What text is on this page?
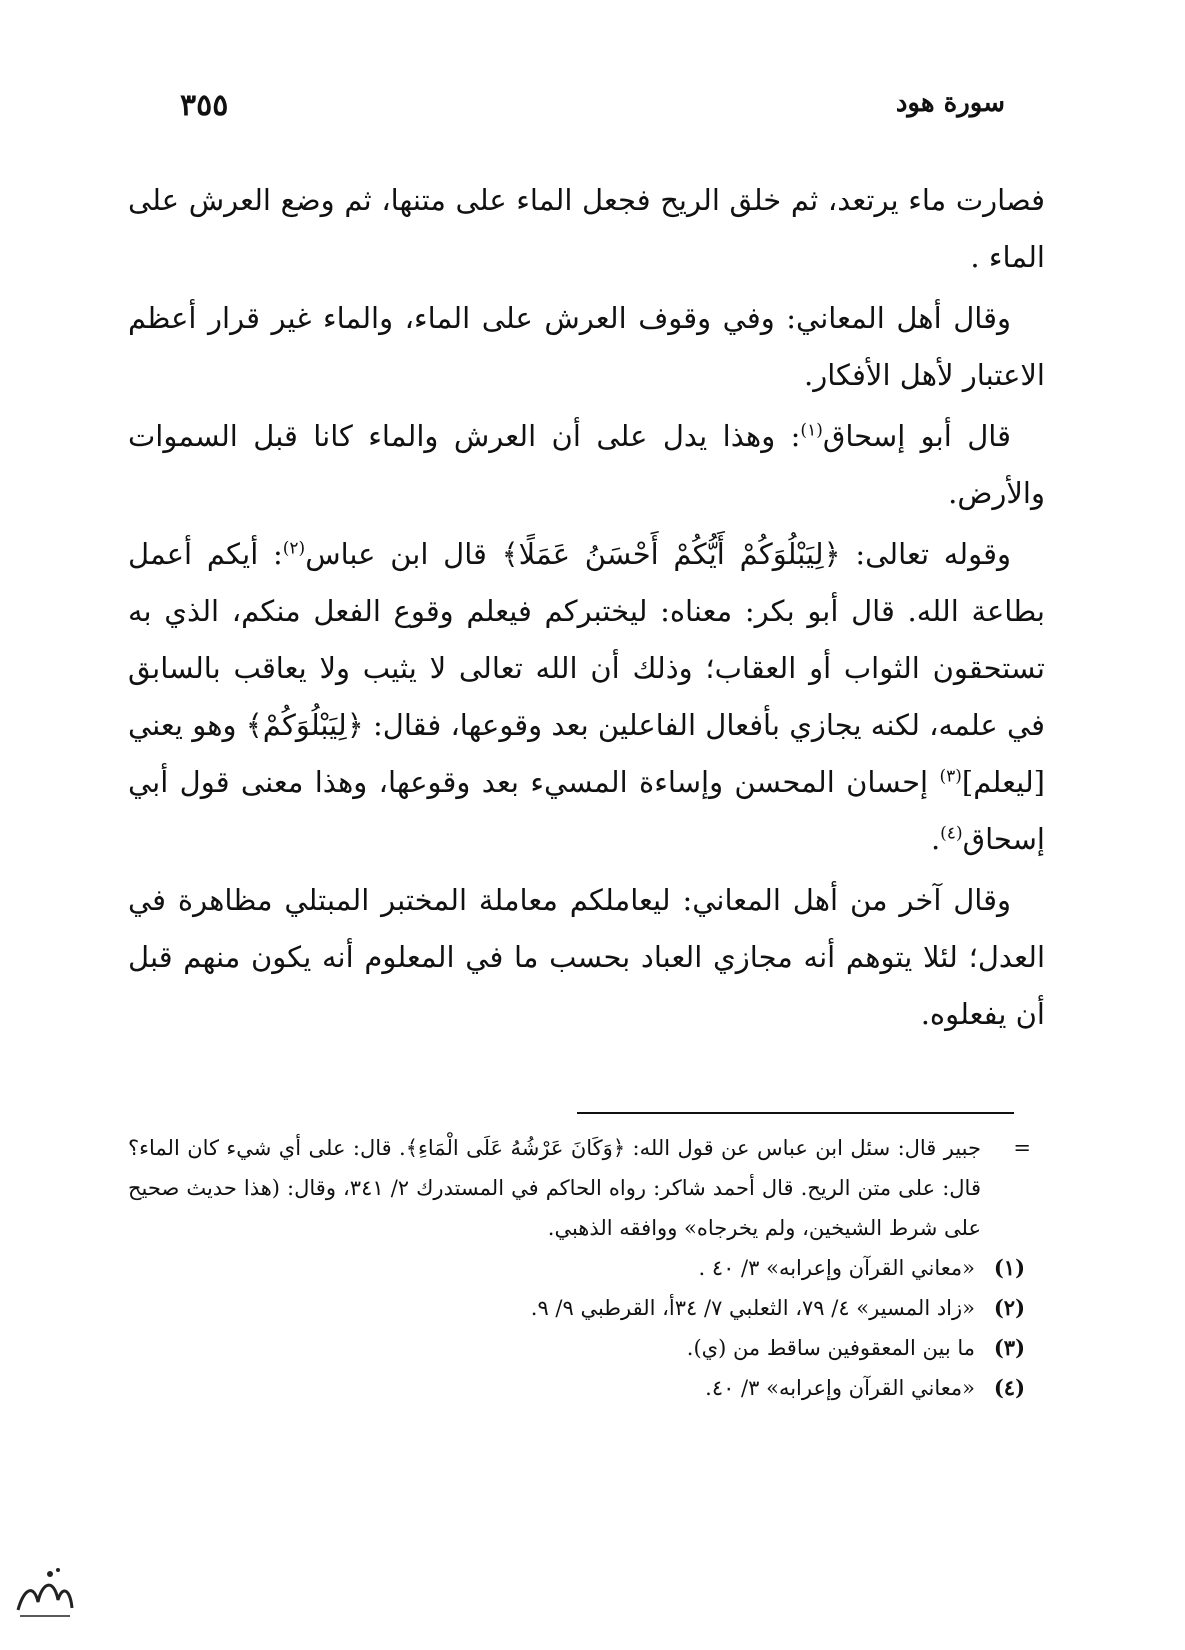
سورة هود
٣٥٥

فصارت ماء يرتعد، ثم خلق الريح فجعل الماء على متنها، ثم وضع العرش على الماء .

وقال أهل المعاني: وفي وقوف العرش على الماء، والماء غير قرار أعظم الاعتبار لأهل الأفكار.

قال أبو إسحاق$^{(١)}$: وهذا يدل على أن العرش والماء كانا قبل السموات والأرض.

وقوله تعالى: ﴿لِيَبْلُوَكُمْ أَيُّكُمْ أَحْسَنُ عَمَلًا﴾ قال ابن عباس$^{(٢)}$: أيكم أعمل بطاعة الله. قال أبو بكر: معناه: ليختبركم فيعلم وقوع الفعل منكم، الذي به تستحقون الثواب أو العقاب؛ وذلك أن الله تعالى لا يثيب ولا يعاقب بالسابق في علمه، لكنه يجازي بأفعال الفاعلين بعد وقوعها، فقال: ﴿لِيَبْلُوَكُمْ﴾ وهو يعني [ليعلم]$^{(٣)}$ إحسان المحسن وإساءة المسيء بعد وقوعها، وهذا معنى قول أبي إسحاق$^{(٤)}$.

وقال آخر من أهل المعاني: ليعاملكم معاملة المختبر المبتلي مظاهرة في العدل؛ لئلا يتوهم أنه مجازي العباد بحسب ما في المعلوم أنه يكون منهم قبل أن يفعلوه.

=
جبير قال: سئل ابن عباس عن قول الله: ﴿وَكَانَ عَرْشُهُ عَلَى الْمَاءِ﴾. قال: على أي شيء كان الماء؟ قال: على متن الريح. قال أحمد شاكر: رواه الحاكم في المستدرك ٢/ ٣٤١، وقال: (هذا حديث صحيح على شرط الشيخين، ولم يخرجاه» ووافقه الذهبي.

(١)
«معاني القرآن وإعرابه» ٣/ ٤٠ .
(٢)
«زاد المسير» ٤/ ٧٩، الثعلبي ٧/ ٣٤أ، القرطبي ٩/ ٩.
(٣)
ما بين المعقوفين ساقط من (ي).
(٤)
«معاني القرآن وإعرابه» ٣/ ٤٠.
